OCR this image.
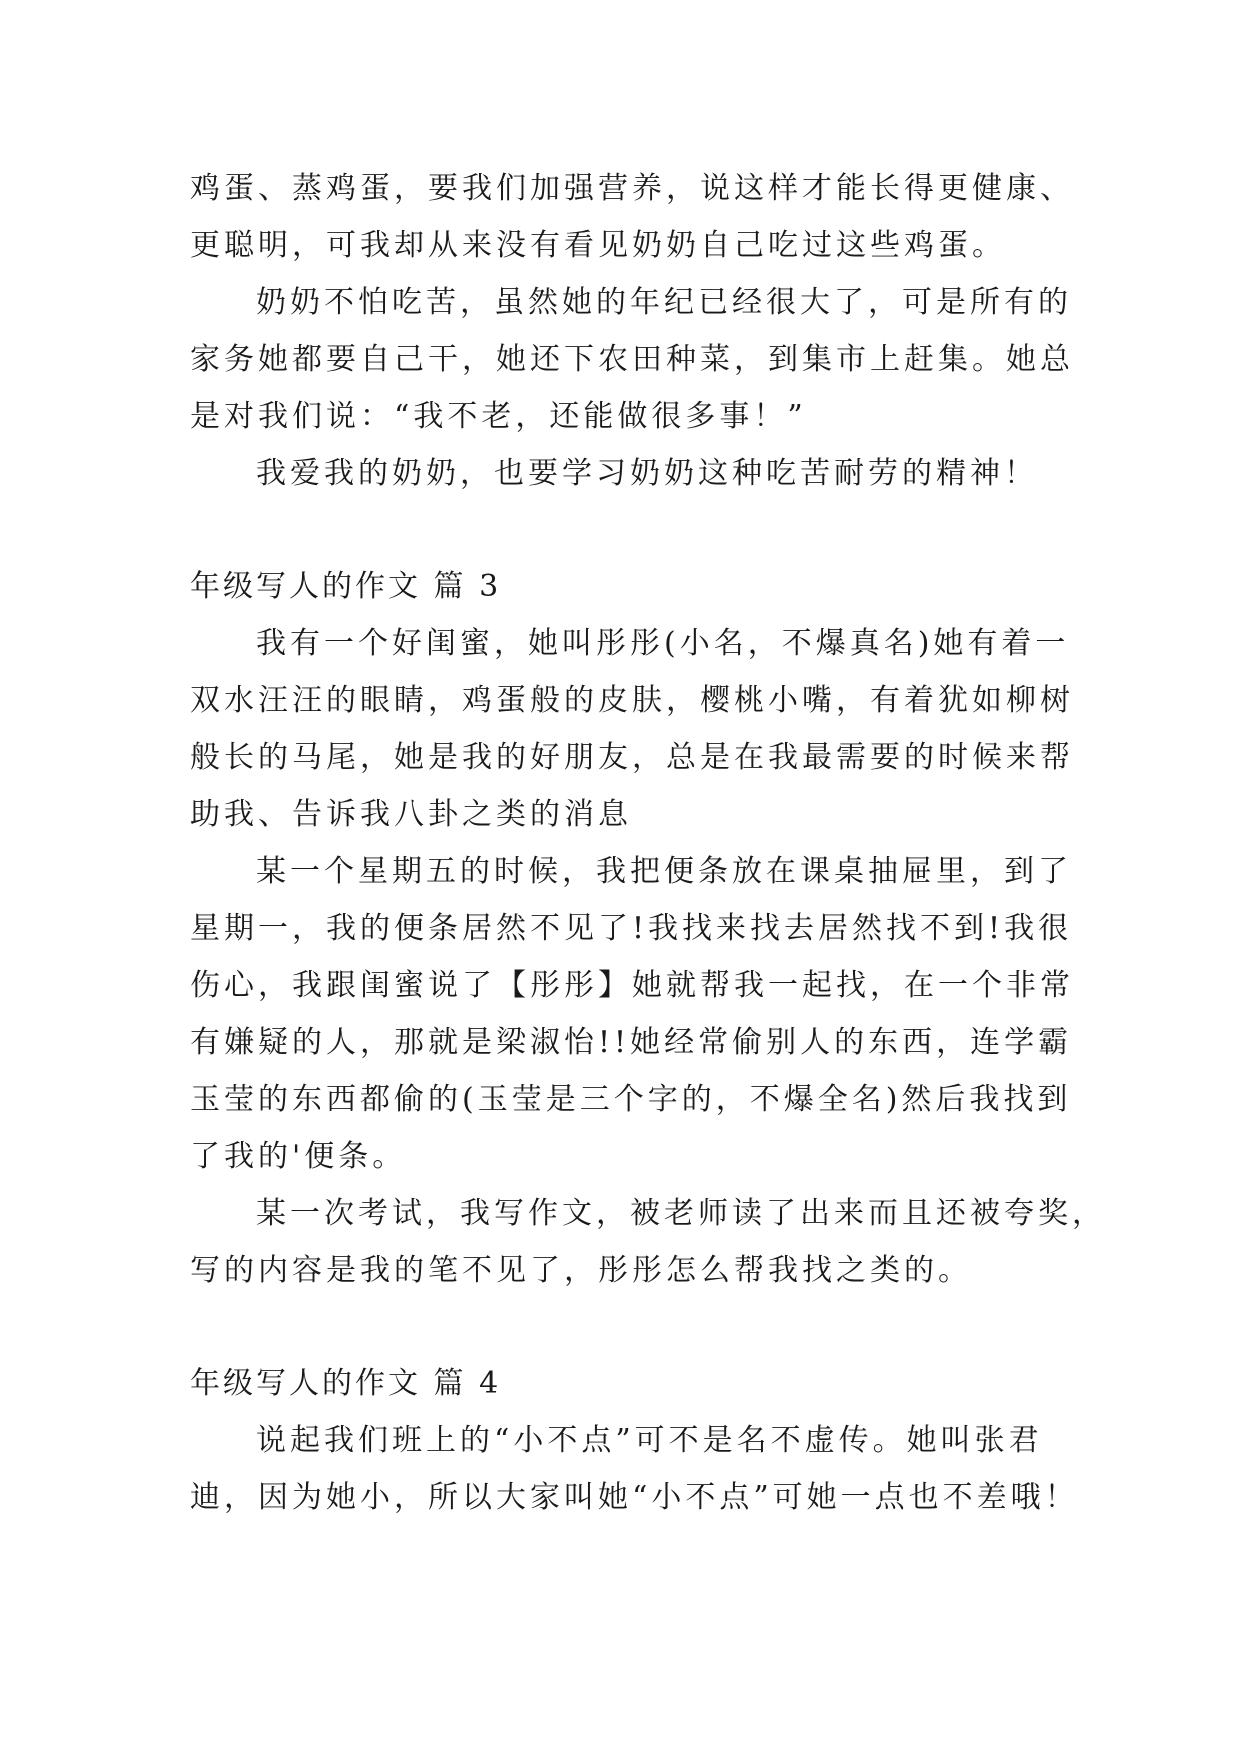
鸡蛋、蒸鸡蛋，要我们加强营养，说这样才能长得更健康、
更聪明，可我却从来没有看见奶奶自己吃过这些鸡蛋。
奶奶不怕吃苦，虽然她的年纪已经很大了，可是所有的
家务她都要自己干，她还下农田种菜，到集市上赶集。她总
是对我们说：“我不老，还能做很多事！”
我爱我的奶奶，也要学习奶奶这种吃苦耐劳的精神！
年级写人的作文 篇 3
我有一个好闺蜜，她叫彤彤(小名，不爆真名)她有着一
双水汪汪的眼睛，鸡蛋般的皮肤，樱桃小嘴，有着犹如柳树
般长的马尾，她是我的好朋友，总是在我最需要的时候来帮
助我、告诉我八卦之类的消息
某一个星期五的时候，我把便条放在课桌抽屉里，到了
星期一，我的便条居然不见了!我找来找去居然找不到!我很
伤心，我跟闺蜜说了【彤彤】她就帮我一起找，在一个非常
有嫌疑的人，那就是梁淑怡!!她经常偷别人的东西，连学霸
玉莹的东西都偷的(玉莹是三个字的，不爆全名)然后我找到
了我的'便条。
某一次考试，我写作文，被老师读了出来而且还被夸奖，
写的内容是我的笔不见了，彤彤怎么帮我找之类的。
年级写人的作文 篇 4
说起我们班上的“小不点”可不是名不虚传。她叫张君
迪，因为她小，所以大家叫她“小不点”可她一点也不差哦！
